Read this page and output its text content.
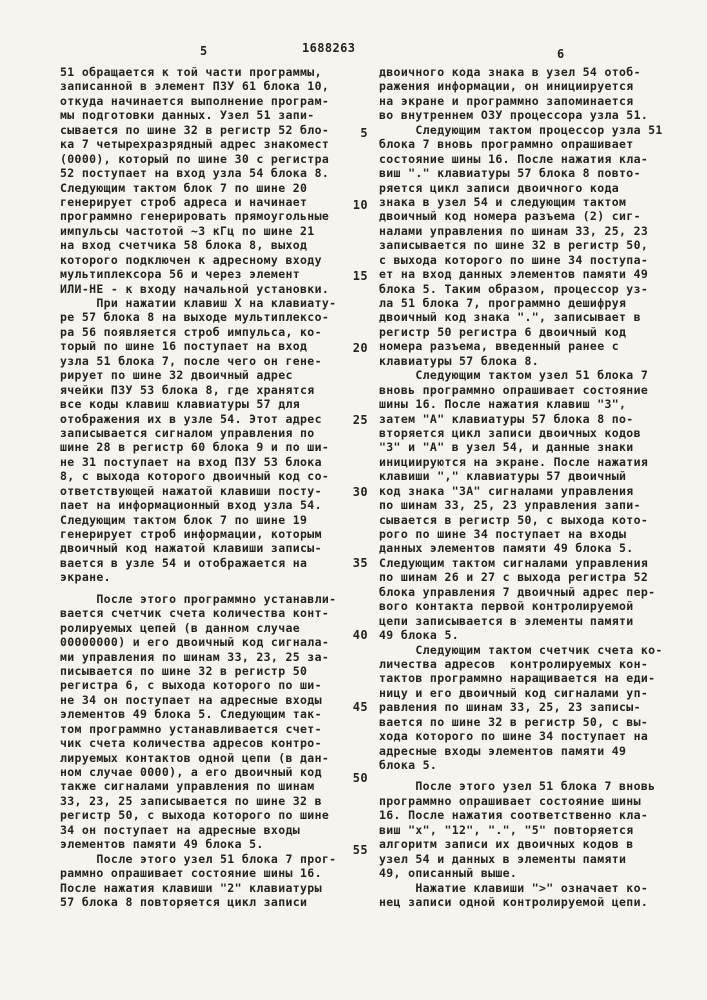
5	1688263	6
51 обращается к той части программы,
записанной в элемент ПЗУ 61 блока 10,
откуда начинается выполнение програм-
мы подготовки данных. Узел 51 запи-
сывается по шине 32 в регистр 52 бло-
ка 7 четырехразрядный адрес знакомест
(0000), который по шине 30 с регистра
52 поступает на вход узла 54 блока 8.
Следующим тактом блок 7 по шине 20
генерирует строб адреса и начинает
программно генерировать прямоугольные
импульсы частотой ~3 кГц по шине 21
на вход счетчика 58 блока 8, выход
которого подключен к адресному входу
мультиплексора 56 и через элемент
ИЛИ-НЕ - к входу начальной установки.
При нажатии клавиш Х на клавиату-
ре 57 блока 8 на выходе мультиплексо-
ра 56 появляется строб импульса, ко-
торый по шине 16 поступает на вход
узла 51 блока 7, после чего он гене-
рирует по шине 32 двоичный адрес
ячейки ПЗУ 53 блока 8, где хранятся
все коды клавиш клавиатуры 57 для
отображения их в узле 54. Этот адрес
записывается сигналом управления по
шине 28 в регистр 60 блока 9 и по ши-
не 31 поступает на вход ПЗУ 53 блока
8, с выхода которого двоичный код со-
ответствующей нажатой клавиши посту-
пает на информационный вход узла 54.
Следующим тактом блок 7 по шине 19
генерирует строб информации, которым
двоичный код нажатой клавиши записы-
вается в узле 54 и отображается на
экране.
После этого программно устанавли-
вается счетчик счета количества конт-
ролируемых цепей (в данном случае
00000000) и его двоичный код сигнала-
ми управления по шинам 33, 23, 25 за-
писывается по шине 32 в регистр 50
регистра 6, с выхода которого по ши-
не 34 он поступает на адресные входы
элементов 49 блока 5. Следующим так-
том программно устанавливается счет-
чик счета количества адресов контро-
лируемых контактов одной цепи (в дан-
ном случае 0000), а его двоичный код
также сигналами управления по шинам
33, 23, 25 записывается по шине 32 в
регистр 50, с выхода которого по шине
34 он поступает на адресные входы
элементов памяти 49 блока 5.
После этого узел 51 блока 7 прог-
раммно опрашивает состояние шины 16.
После нажатия клавиши "2" клавиатуры
57 блока 8 повторяется цикл записи
5
10
15
20
25
30
35
40
45
50
55
двоичного кода знака в узел 54 отоб-
ражения информации, он инициируется
на экране и программно запоминается
во внутреннем ОЗУ процессора узла 51.
Следующим тактом процессор узла 51
блока 7 вновь программно опрашивает
состояние шины 16. После нажатия кла-
виш "." клавиатуры 57 блока 8 повто-
ряется цикл записи двоичного кода
знака в узел 54 и следующим тактом
двоичный код номера разъема (2) сиг-
налами управления по шинам 33, 25, 23
записывается по шине 32 в регистр 50,
с выхода которого по шине 34 поступа-
ет на вход данных элементов памяти 49
блока 5. Таким образом, процессор уз-
ла 51 блока 7, программно дешифруя
двоичный код знака ".", записывает в
регистр 50 регистра 6 двоичный код
номера разъема, введенный ранее с
клавиатуры 57 блока 8.
Следующим тактом узел 51 блока 7
вновь программно опрашивает состояние
шины 16. После нажатия клавиш "З",
затем "А" клавиатуры 57 блока 8 по-
вторяется цикл записи двоичных кодов
"З" и "А" в узел 54, и данные знаки
инициируются на экране. После нажатия
клавиши "," клавиатуры 57 двоичный
код знака "ЗА" сигналами управления
по шинам 33, 25, 23 управления запи-
сывается в регистр 50, с выхода кото-
рого по шине 34 поступает на входы
данных элементов памяти 49 блока 5.
Следующим тактом сигналами управления
по шинам 26 и 27 с выхода регистра 52
блока управления 7 двоичный адрес пер-
вого контакта первой контролируемой
цепи записывается в элементы памяти
49 блока 5.
Следующим тактом счетчик счета ко-
личества адресов  контролируемых кон-
тактов программно наращивается на еди-
ницу и его двоичный код сигналами уп-
равления по шинам 33, 25, 23 записы-
вается по шине 32 в регистр 50, с вы-
хода которого по шине 34 поступает на
адресные входы элементов памяти 49
блока 5.
После этого узел 51 блока 7 вновь
программно опрашивает состояние шины
16. После нажатия соответственно кла-
виш "х", "12", ".", "5" повторяется
алгоритм записи их двоичных кодов в
узел 54 и данных в элементы памяти
49, описанный выше.
Нажатие клавиши ">" означает ко-
нец записи одной контролируемой цепи.
